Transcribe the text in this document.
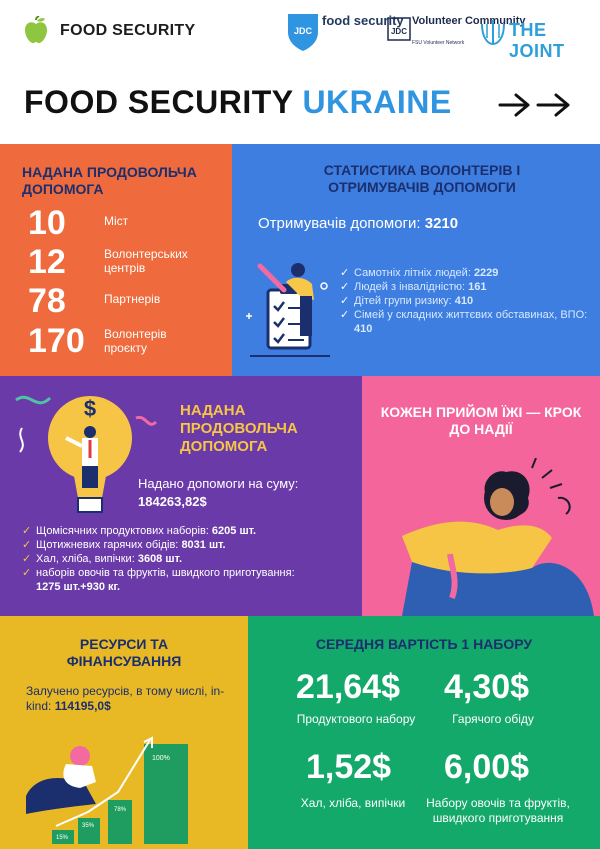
FOOD SECURITY	JDC
food security
JDC
Volunteer Community
FSU Volunteer Network
THE JOINT
FOOD SECURITY UKRAINE
НАДАНА ПРОДОВОЛЬЧА ДОПОМОГА
10	Міст
12	Волонтерських центрів
78	Партнерів
170 Волонтерів проєкту
СТАТИСТИКА ВОЛОНТЕРІВ І ОТРИМУВАЧІВ ДОПОМОГИ
Отримувачів допомоги: 3210
✓ Самотніх літніх людей: 2229
✓ Людей з інвалідністю: 161
✓ Дітей групи ризику: 410
✓ Сімей у складних життєвих обставинах, ВПО: 410
$	НАДАНА ПРОДОВОЛЬЧА ДОПОМОГА
Надано допомоги на суму:
184263,82$
✓ Щомісячних продуктових наборів: 6205 шт.
✓ Щотижневих гарячих обідів: 8031 шт.
✓ Хал, хліба, випічки: 3608 шт.
✓ наборів овочів та фруктів, швидкого приготування:
1275 шт.+930 кг.
КОЖЕН ПРИЙОМ ЇЖІ — КРОК ДО НАДІЇ
РЕСУРСИ ТА ФІНАНСУВАННЯ
Залучено ресурсів, в тому числі, in-kind: 114195,0$
15%
35%
78%
100%
СЕРЕДНЯ ВАРТІСТЬ 1 НАБОРУ
21,64$
Продуктового набору
4,30$
Гарячого обіду
1,52$
Хал, хліба, випічки
6,00$
Набору овочів та фруктів, швидкого приготування
